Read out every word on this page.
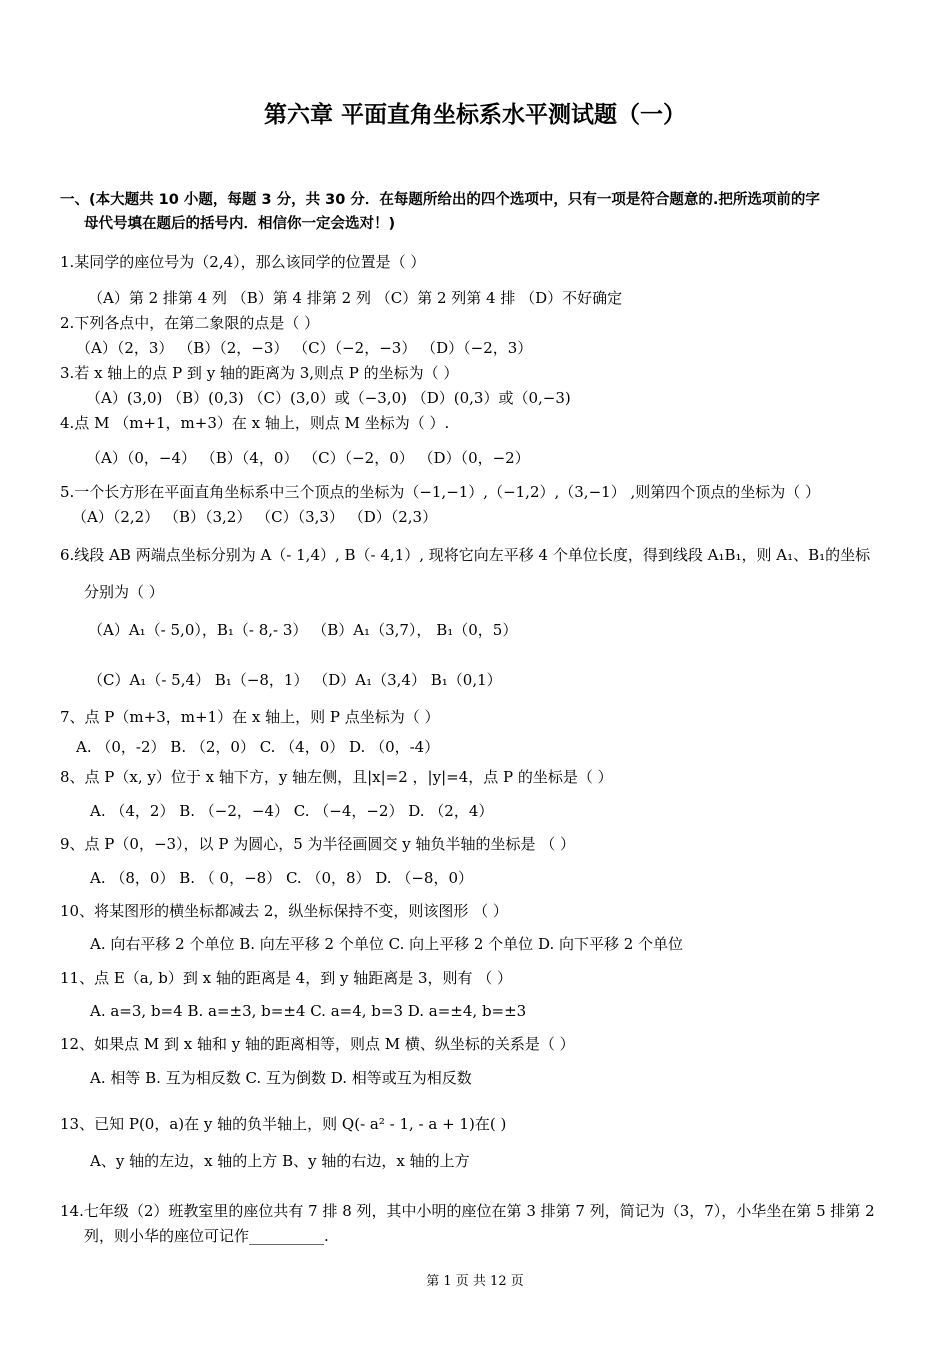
第六章 平面直角坐标系水平测试题（一）
一、(本大题共 10 小题，每题 3 分，共 30 分．在每题所给出的四个选项中，只有一项是符合题意的.把所选项前的字
母代号填在题后的括号内．相信你一定会选对！)
1.某同学的座位号为（2,4），那么该同学的位置是（ ）
（A）第 2 排第 4 列 （B）第 4 排第 2 列 （C）第 2 列第 4 排 （D）不好确定
2.下列各点中，在第二象限的点是（ ）
（A）（2，3） （B）（2，−3） （C）（−2，−3） （D）（−2，3）
3.若 x 轴上的点 P 到 y 轴的距离为 3,则点 P 的坐标为（ ）
（A）(3,0) （B）(0,3) （C）(3,0）或（−3,0) （D）(0,3）或（0,−3)
4.点 M （m+1，m+3）在 x 轴上，则点 M 坐标为（ ）.
（A）（0，−4） （B）（4，0） （C）（−2，0） （D）（0，−2）
5.一个长方形在平面直角坐标系中三个顶点的坐标为（−1,−1）,（−1,2）,（3,−1） ,则第四个顶点的坐标为（ ）
（A）（2,2） （B）（3,2） （C）（3,3） （D）（2,3）
6.线段 AB 两端点坐标分别为 A（- 1,4）, B（- 4,1）, 现将它向左平移 4 个单位长度，得到线段 A₁B₁，则 A₁、B₁的坐标
分别为（ ）
（A）A₁（- 5,0），B₁（- 8,- 3） （B）A₁（3,7）， B₁（0，5）
（C）A₁（- 5,4） B₁（−8，1） （D）A₁（3,4） B₁（0,1）
7、点 P（m+3，m+1）在 x 轴上，则 P 点坐标为（ ）
A. （0，-2） B. （2，0） C. （4，0） D. （0，-4）
8、点 P（x, y）位于 x 轴下方，y 轴左侧，且|x|=2 ，|y|=4，点 P 的坐标是（ ）
A. （4，2） B. （−2，−4） C. （−4，−2） D. （2，4）
9、点 P（0，−3），以 P 为圆心，5 为半径画圆交 y 轴负半轴的坐标是 （ ）
A. （8，0） B. （ 0，−8） C. （0，8） D. （−8，0）
10、将某图形的横坐标都减去 2，纵坐标保持不变，则该图形 （ ）
A. 向右平移 2 个单位 B. 向左平移 2 个单位 C. 向上平移 2 个单位 D. 向下平移 2 个单位
11、点 E（a, b）到 x 轴的距离是 4，到 y 轴距离是 3，则有 （ ）
A. a=3, b=4 B. a=±3, b=±4 C. a=4, b=3 D. a=±4, b=±3
12、如果点 M 到 x 轴和 y 轴的距离相等，则点 M 横、纵坐标的关系是（ ）
A. 相等 B. 互为相反数 C. 互为倒数 D. 相等或互为相反数
13、已知 P(0，a)在 y 轴的负半轴上，则 Q(- a² - 1, - a + 1)在( )
A、y 轴的左边，x 轴的上方 B、y 轴的右边，x 轴的上方
14.七年级（2）班教室里的座位共有 7 排 8 列，其中小明的座位在第 3 排第 7 列，简记为（3，7），小华坐在第 5 排第 2
列，则小华的座位可记作__________.
第 1 页 共 12 页
